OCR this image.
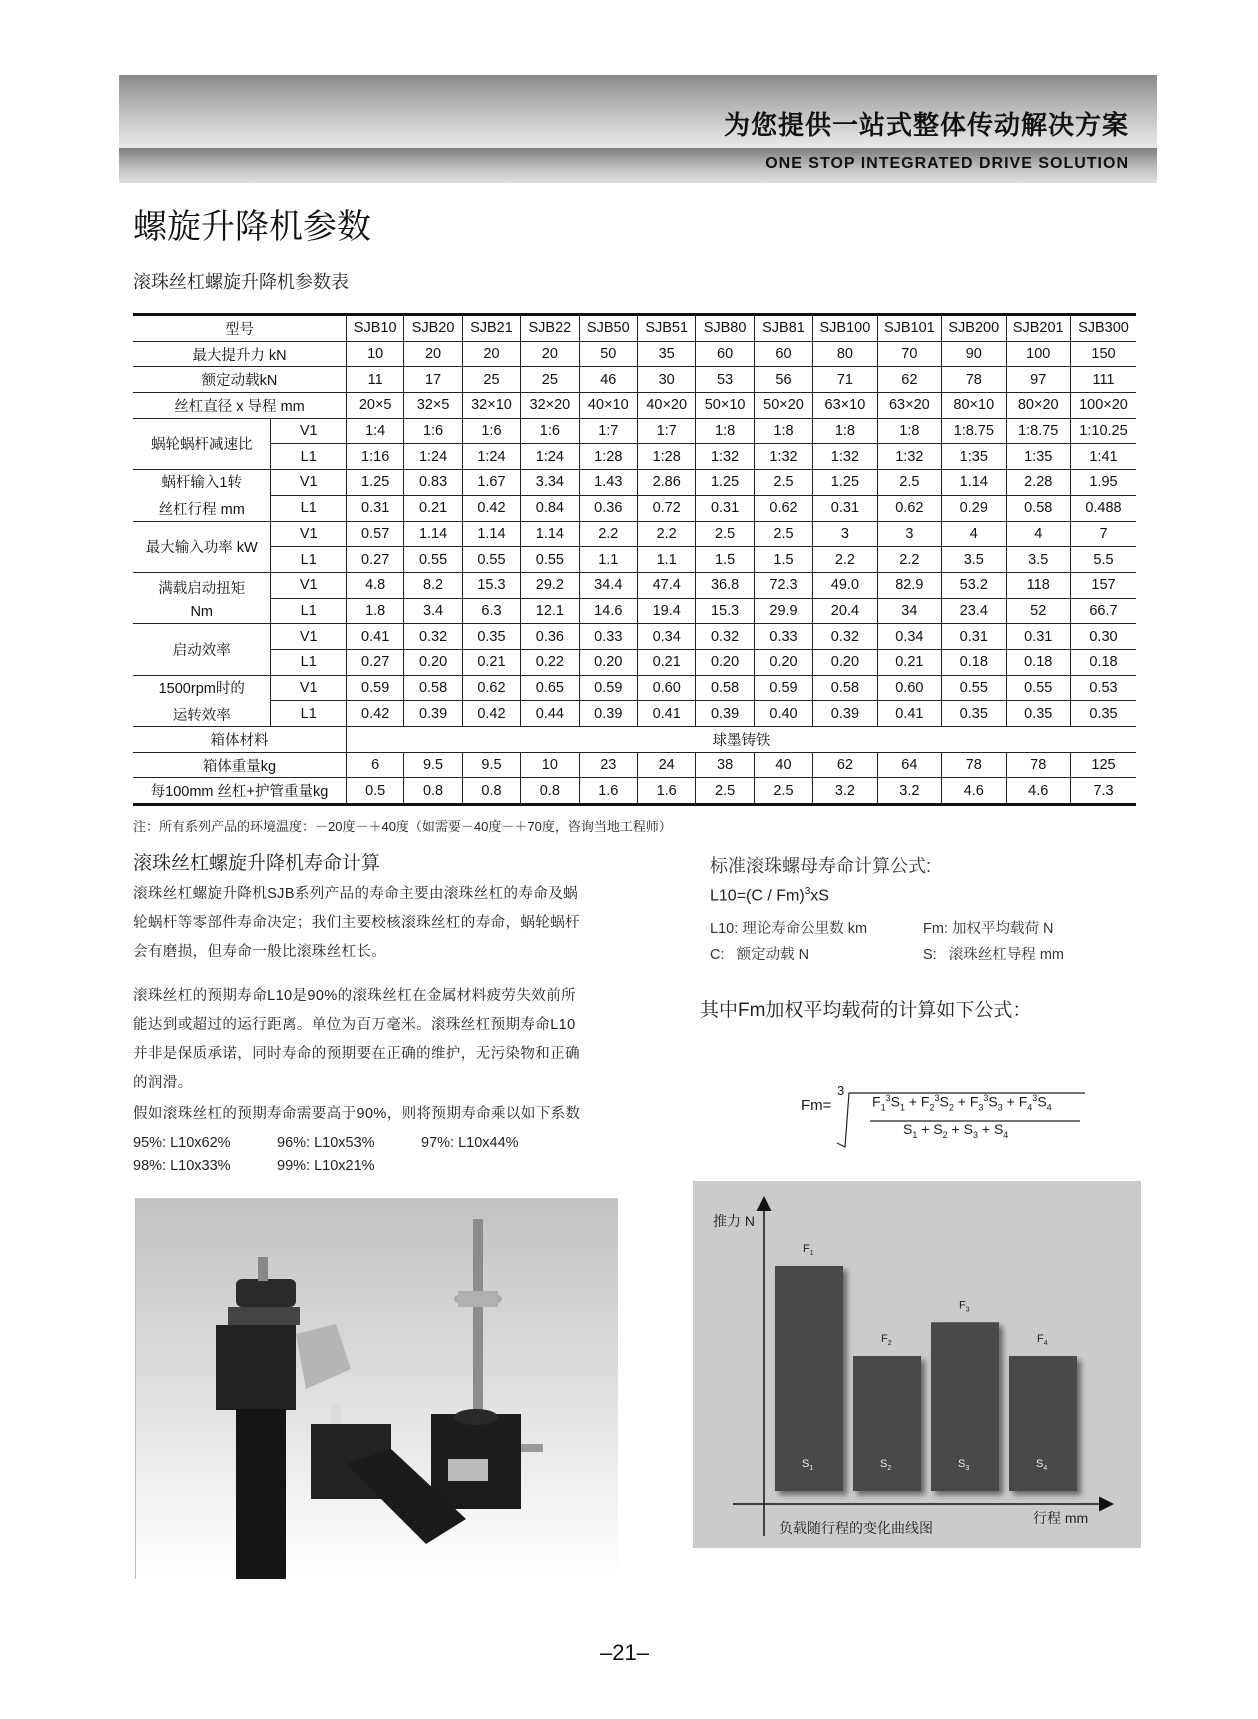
为您提供一站式整体传动解决方案
ONE STOP INTEGRATED DRIVE SOLUTION
螺旋升降机参数
滚珠丝杠螺旋升降机参数表
型号		SJB10	SJB20	SJB21	SJB22	SJB50	SJB51	SJB80	SJB81	SJB100	SJB101	SJB200	SJB201	SJB300
最大提升力 kN		10	20	20	20	50	35	60	60	80	70	90	100	150
额定动载kN		11	17	25	25	46	30	53	56	71	62	78	97	111
丝杠直径 x 导程 mm		20×5	32×5	32×10	32×20	40×10	40×20	50×10	50×20	63×10	63×20	80×10	80×20	100×20

蜗轮蜗杆减速比	V1	1:4	1:6	1:6	1:6	1:7	1:7	1:8	1:8	1:8	1:8	1:8.75	1:8.75	1:10.25
	L1	1:16	1:24	1:24	1:24	1:28	1:28	1:32	1:32	1:32	1:32	1:35	1:35	1:41

蜗杆输入1转
丝杠行程 mm	V1	1.25	0.83	1.67	3.34	1.43	2.86	1.25	2.5	1.25	2.5	1.14	2.28	1.95
	L1	0.31	0.21	0.42	0.84	0.36	0.72	0.31	0.62	0.31	0.62	0.29	0.58	0.488

最大输入功率 kW	V1	0.57	1.14	1.14	1.14	2.2	2.2	2.5	2.5	3	3	4	4	7
	L1	0.27	0.55	0.55	0.55	1.1	1.1	1.5	1.5	2.2	2.2	3.5	3.5	5.5

满载启动扭矩
Nm	V1	4.8	8.2	15.3	29.2	34.4	47.4	36.8	72.3	49.0	82.9	53.2	118	157
	L1	1.8	3.4	6.3	12.1	14.6	19.4	15.3	29.9	20.4	34	23.4	52	66.7

启动效率	V1	0.41	0.32	0.35	0.36	0.33	0.34	0.32	0.33	0.32	0.34	0.31	0.31	0.30
	L1	0.27	0.20	0.21	0.22	0.20	0.21	0.20	0.20	0.20	0.21	0.18	0.18	0.18

1500rpm时的
运转效率	V1	0.59	0.58	0.62	0.65	0.59	0.60	0.58	0.59	0.58	0.60	0.55	0.55	0.53
	L1	0.42	0.39	0.42	0.44	0.39	0.41	0.39	0.40	0.39	0.41	0.35	0.35	0.35
箱体材料		球墨铸铁												
箱体重量kg		6	9.5	9.5	10	23	24	38	40	62	64	78	78	125
每100mm 丝杠+护管重量kg		0.5	0.8	0.8	0.8	1.6	1.6	2.5	2.5	3.2	3.2	4.6	4.6	7.3
注：所有系列产品的环境温度：－20度－＋40度（如需要－40度－＋70度，咨询当地工程师）
滚珠丝杠螺旋升降机寿命计算
滚珠丝杠螺旋升降机SJB系列产品的寿命主要由滚珠丝杠的寿命及蜗
轮蜗杆等零部件寿命决定；我们主要校核滚珠丝杠的寿命，蜗轮蜗杆
会有磨损，但寿命一般比滚珠丝杠长。
滚珠丝杠的预期寿命L10是90%的滚珠丝杠在金属材料疲劳失效前所
能达到或超过的运行距离。单位为百万毫米。滚珠丝杠预期寿命L10
并非是保质承诺，同时寿命的预期要在正确的维护，无污染物和正确
的润滑。
假如滚珠丝杠的预期寿命需要高于90%，则将预期寿命乘以如下系数
95%: L10x62%	96%: L10x53%	97%: L10x44%
98%: L10x33%	99%: L10x21%
标准滚珠螺母寿命计算公式:
L10=(C / Fm)$^3$xS
L10: 理论寿命公里数 km	Fm: 加权平均载荷 N
C: 额定动载 N	S: 滚珠丝杠导程 mm
其中Fm加权平均载荷的计算如下公式：
Fm=
3
$F_1^3S_1 + F_2^3S_2 + F_3^3S_3 + F_4^3S_4$
$S_1 + S_2 + S_3 + S_4$
$F_1$
$S_1$
$F_2$
$S_2$
$F_3$
$S_3$
$F_4$
$S_4$
推力 N
行程 mm
负载随行程的变化曲线图
–21–
